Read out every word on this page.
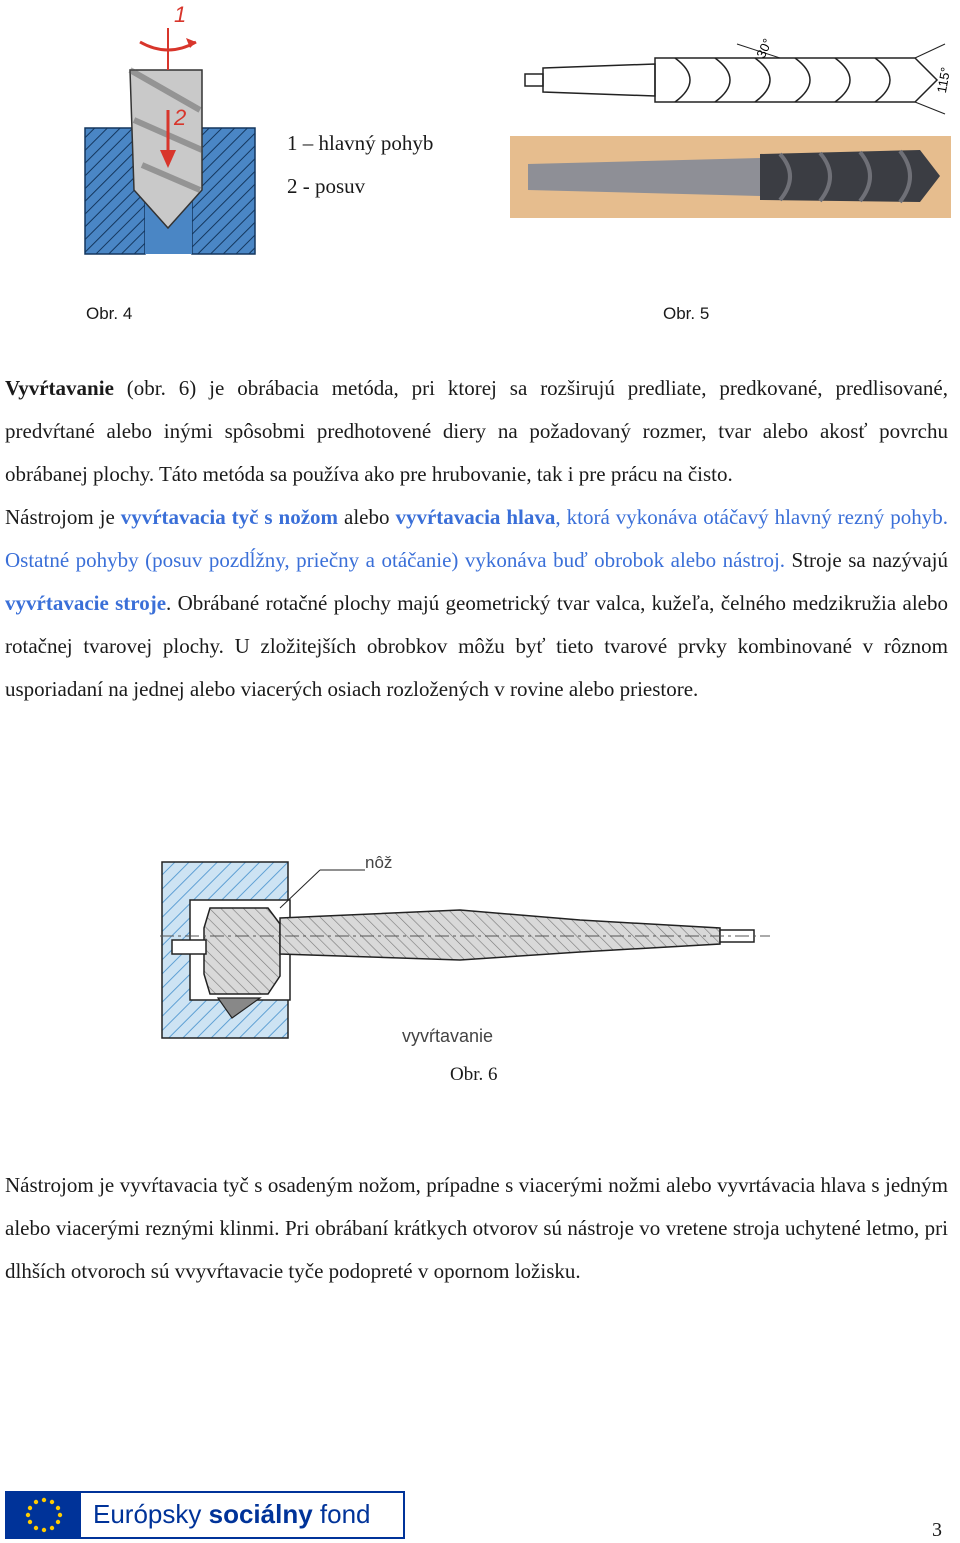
1
2
1 – hlavný pohyb
2 - posuv
Obr. 4
30°
115°
Obr. 5
Vyvŕtavanie (obr. 6) je obrábacia metóda, pri ktorej sa rozširujú predliate, predkované, predlisované, predvŕtané alebo inými spôsobmi predhotovené diery na požadovaný rozmer, tvar alebo akosť povrchu obrábanej plochy. Táto metóda sa používa ako pre hrubovanie, tak i pre prácu na čisto.
Nástrojom je vyvŕtavacia tyč s nožom alebo vyvŕtavacia hlava, ktorá vykonáva otáčavý hlavný rezný pohyb. Ostatné pohyby (posuv pozdĺžny, priečny a otáčanie) vykonáva buď obrobok alebo nástroj. Stroje sa nazývajú vyvŕtavacie stroje. Obrábané rotačné plochy majú geometrický tvar valca, kužeľa, čelného medzikružia alebo rotačnej tvarovej plochy. U zložitejších obrobkov môžu byť tieto tvarové prvky kombinované v rôznom usporiadaní na jednej alebo viacerých osiach rozložených v rovine alebo priestore.
nôž
vyvŕtavanie
Obr. 6
Nástrojom je vyvŕtavacia tyč s osadeným nožom, prípadne s viacerými nožmi alebo vyvrtávacia hlava s jedným alebo viacerými reznými klinmi. Pri obrábaní krátkych otvorov sú nástroje vo vretene stroja uchytené letmo, pri dlhších otvoroch sú vvyvŕtavacie tyče podopreté v opornom ložisku.
Európsky sociálny fond
3
